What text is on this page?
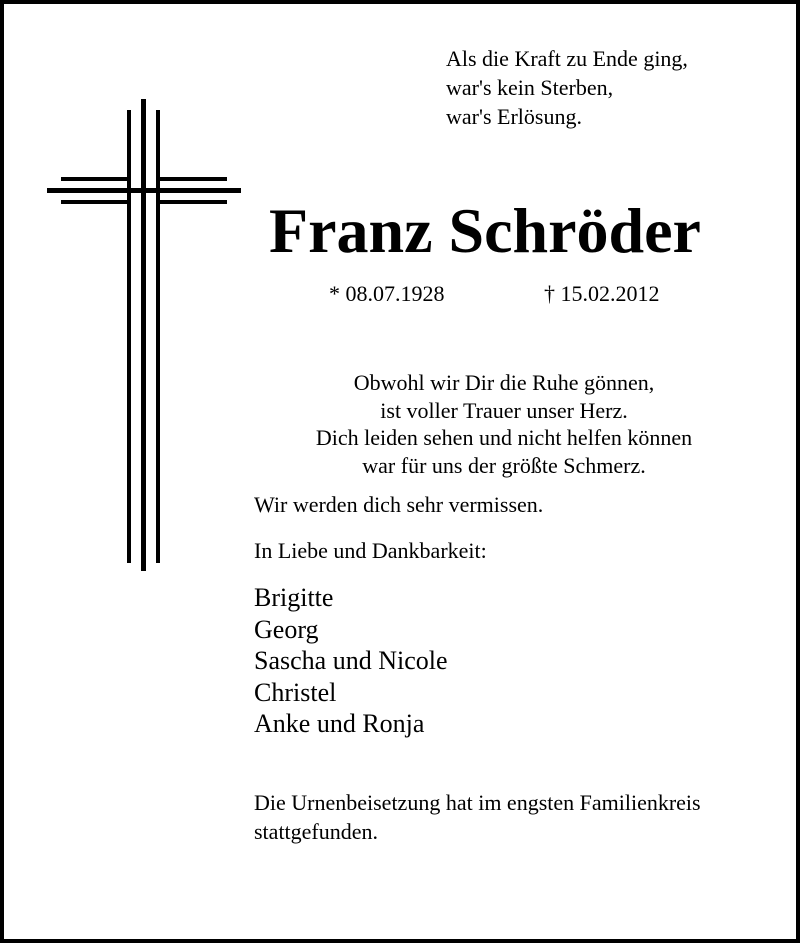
Als die Kraft zu Ende ging,
war's kein Sterben,
war's Erlösung.
Franz Schröder
* 08.07.1928	† 15.02.2012
Obwohl wir Dir die Ruhe gönnen,
ist voller Trauer unser Herz.
Dich leiden sehen und nicht helfen können
war für uns der größte Schmerz.
Wir werden dich sehr vermissen.
In Liebe und Dankbarkeit:
Brigitte
Georg
Sascha und Nicole
Christel
Anke und Ronja
Die Urnenbeisetzung hat im engsten Familienkreis
stattgefunden.
